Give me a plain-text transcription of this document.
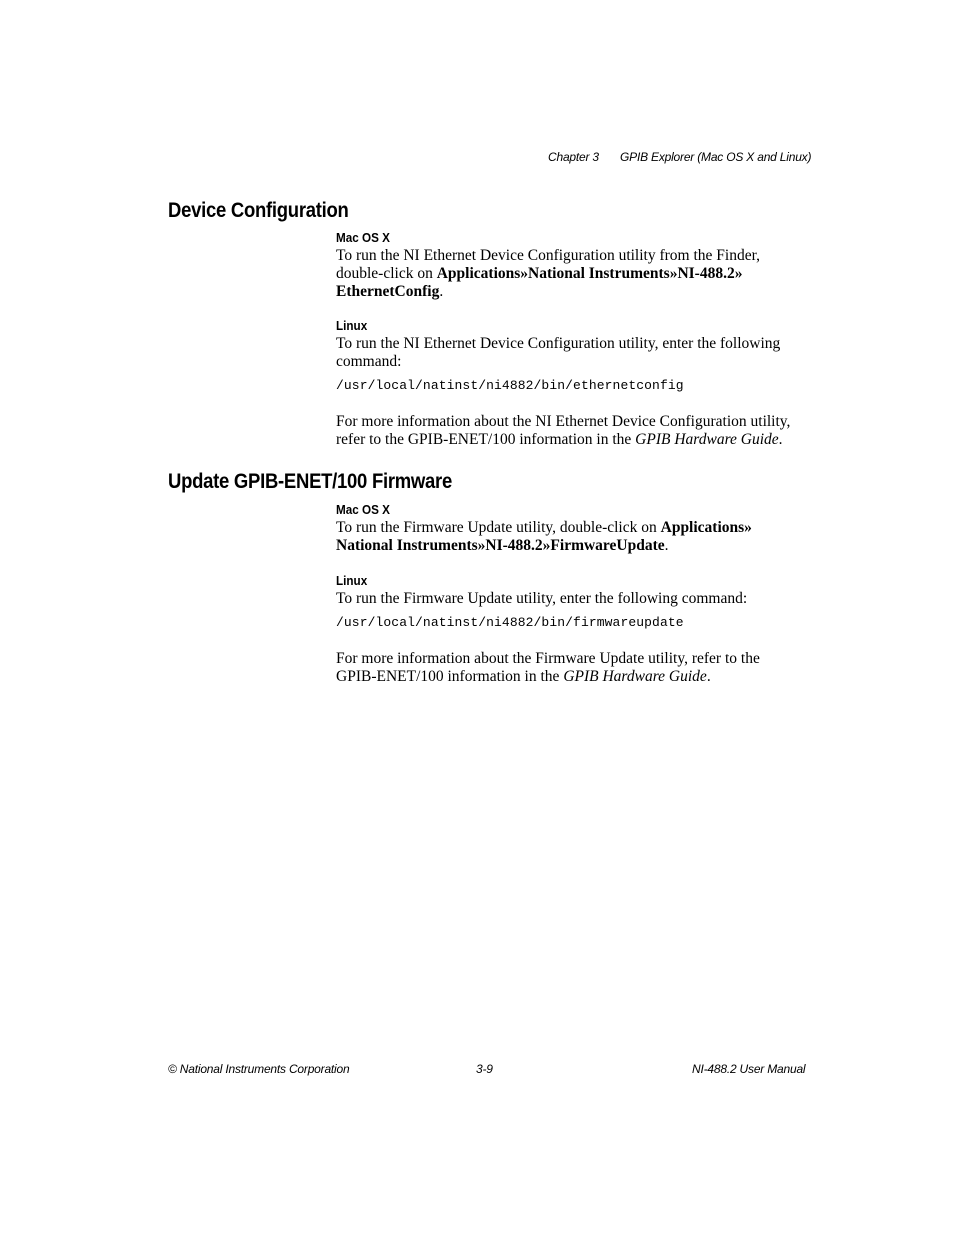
Chapter 3 GPIB Explorer (Mac OS X and Linux)
Device Configuration
Mac OS X
To run the NI Ethernet Device Configuration utility from the Finder, double-click on Applications»National Instruments»NI-488.2» EthernetConfig.
Linux
To run the NI Ethernet Device Configuration utility, enter the following command:
/usr/local/natinst/ni4882/bin/ethernetconfig
For more information about the NI Ethernet Device Configuration utility, refer to the GPIB-ENET/100 information in the GPIB Hardware Guide.
Update GPIB-ENET/100 Firmware
Mac OS X
To run the Firmware Update utility, double-click on Applications» National Instruments»NI-488.2»FirmwareUpdate.
Linux
To run the Firmware Update utility, enter the following command:
/usr/local/natinst/ni4882/bin/firmwareupdate
For more information about the Firmware Update utility, refer to the GPIB-ENET/100 information in the GPIB Hardware Guide.
© National Instruments Corporation	3-9	NI-488.2 User Manual
